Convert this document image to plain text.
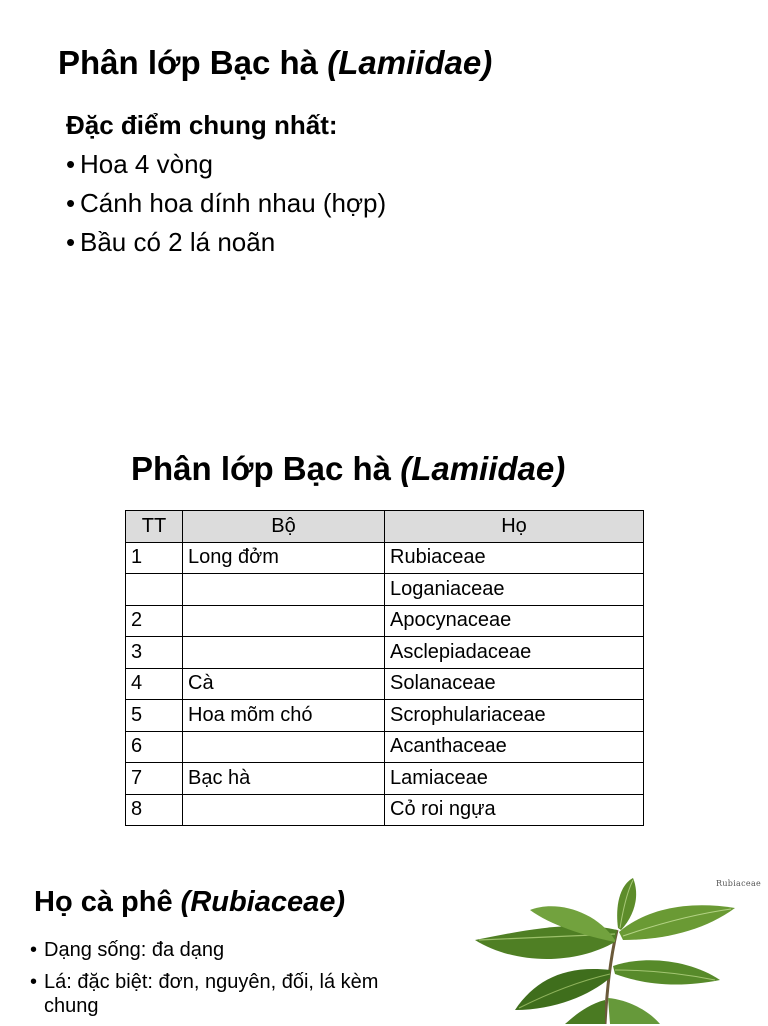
Phân lớp Bạc hà (Lamiidae)
Đặc điểm chung nhất:
• Hoa 4 vòng
• Cánh hoa dính nhau (hợp)
• Bầu có 2 lá noãn
Phân lớp Bạc hà (Lamiidae)
TT	Bộ	Họ
1	Long đởm	Rubiaceae
		Loganiaceae
2		Apocynaceae
3		Asclepiadaceae
4	Cà	Solanaceae
5	Hoa mõm chó	Scrophulariaceae
6		Acanthaceae
7	Bạc hà	Lamiaceae
8		Cỏ roi ngựa
Họ cà phê (Rubiaceae)
• Dạng sống: đa dạng
• Lá: đặc biệt: đơn, nguyên, đối, lá kèm chung
Rubiaceae
